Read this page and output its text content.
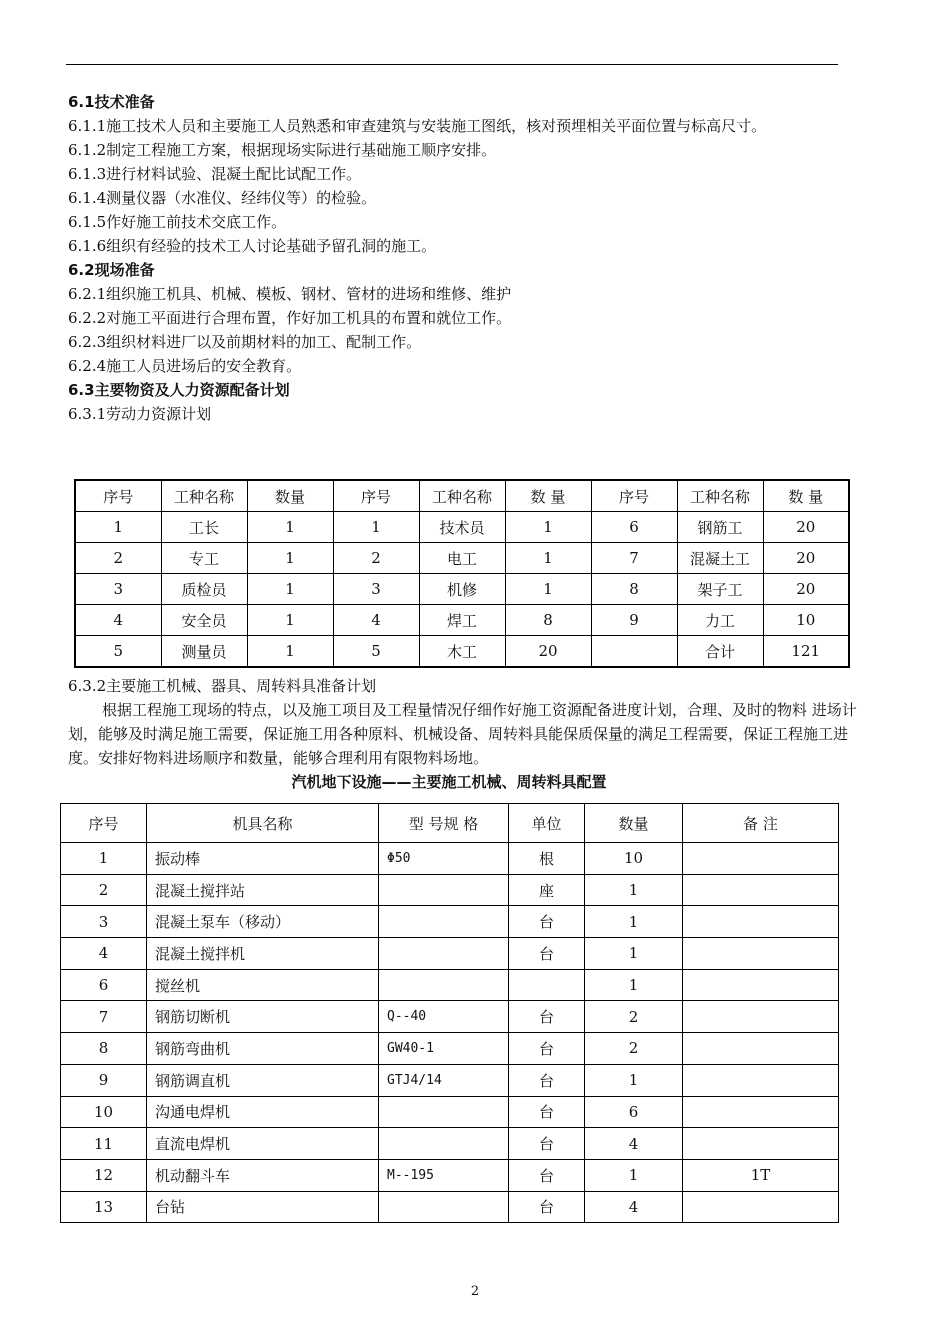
6.1技术准备
6.1.1施工技术人员和主要施工人员熟悉和审查建筑与安装施工图纸，核对预埋相关平面位置与标高尺寸。
6.1.2制定工程施工方案，根据现场实际进行基础施工顺序安排。
6.1.3进行材料试验、混凝土配比试配工作。
6.1.4测量仪器（水准仪、经纬仪等）的检验。
6.1.5作好施工前技术交底工作。
6.1.6组织有经验的技术工人讨论基础予留孔洞的施工。
6.2现场准备
6.2.1组织施工机具、机械、模板、钢材、管材的进场和维修、维护
6.2.2对施工平面进行合理布置，作好加工机具的布置和就位工作。
6.2.3组织材料进厂以及前期材料的加工、配制工作。
6.2.4施工人员进场后的安全教育。
6.3主要物资及人力资源配备计划
6.3.1劳动力资源计划
序号	工种名称	数量	序号	工种名称	数 量	序号	工种名称	数 量
1	工长	1	1	技术员	1	6	钢筋工	20
2	专工	1	2	电工	1	7	混凝土工	20
3	质检员	1	3	机修	1	8	架子工	20
4	安全员	1	4	焊工	8	9	力工	10
5	测量员	1	5	木工	20		合计	121
6.3.2主要施工机械、器具、周转料具准备计划
根据工程施工现场的特点，以及施工项目及工程量情况仔细作好施工资源配备进度计划，合理、及时的物料 进场计划，能够及时满足施工需要，保证施工用各种原料、机械设备、周转料具能保质保量的满足工程需要，保证工程施工进度。安排好物料进场顺序和数量，能够合理利用有限物料场地。
汽机地下设施——主要施工机械、周转料具配置
序号	机具名称	型 号规 格	单位	数量	备 注
1	振动棒	Φ50	根	10	
2	混凝土搅拌站		座	1	
3	混凝土泵车（移动）		台	1	
4	混凝土搅拌机		台	1	
6	搅丝机			1	
7	钢筋切断机	Q--40	台	2	
8	钢筋弯曲机	GW40-1	台	2	
9	钢筋调直机	GTJ4/14	台	1	
10	沟通电焊机		台	6	
11	直流电焊机		台	4	
12	机动翻斗车	M--195	台	1	1T
13	台钻		台	4	
2
